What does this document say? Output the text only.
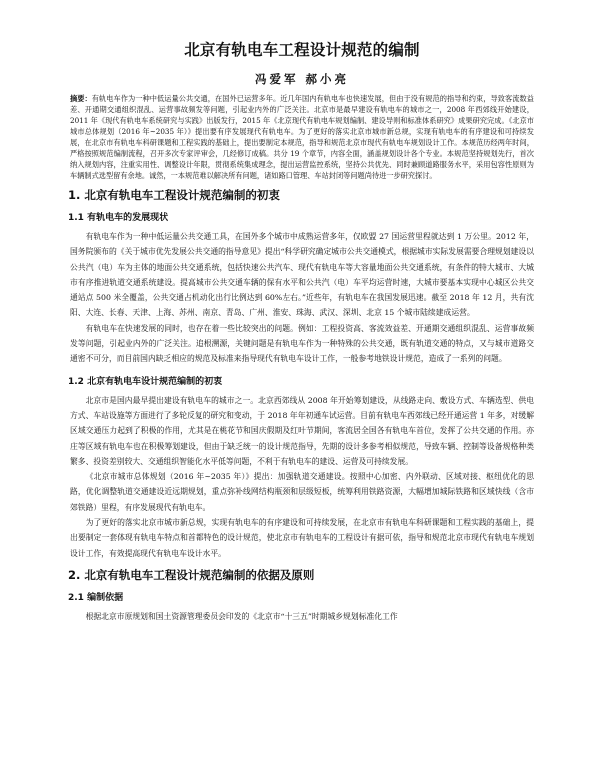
北京有轨电车工程设计规范的编制
冯爱军 郝小亮

摘要：有轨电车作为一种中低运量公共交通，在国外已运营多年。近几年国内有轨电车也快速发展，但由于没有规范的指导和约束，导致客流数益差、开通期交通组织混乱、运营事故频发等问题，引起业内外的广泛关注。北京市是最早建设有轨电车的城市之一，2008 年西郊线开始建设，2011 年《现代有轨电车系统研究与实践》出版发行，2015 年《北京现代有轨电车规划编制、建设导则和标准体系研究》成果研究完成。《北京市城市总体规划（2016 年~2035 年）》提出要有序发展现代有轨电车。为了更好的落实北京市城市新总规，实现有轨电车的有序建设和可持续发展，在北京市有轨电车科研课题和工程实践的基础上，提出要制定本规范，指导和规范北京市现代有轨电车规划设计工作。本规范历经两年时间，严格按照规范编制流程，召开多次专家评审会，几经修订成稿。共分 19 个章节，内容全面，涵盖规划设计各个专业。本规范坚持规划先行，首次纳入规划内容，注重实用性、调整设计年限，贯彻系统集成理念，提出运营监控系统，坚持公共优先、同时兼顾道路服务水平，采用包容性原则为车辆制式选型留有余地。诚然，一本规范难以解决所有问题，诸如路口管理、车站封闭等问题尚待进一步研究探讨。

1. 北京有轨电车工程设计规范编制的初衷
1.1 有轨电车的发展现状

有轨电车作为一种中低运量公共交通工具，在国外多个城市中成熟运营多年，仅欧盟 27 国运营里程就达到 1 万公里。2012 年，国务院颁布的《关于城市优先发展公共交通的指导意见》提出“科学研究确定城市公共交通模式，根据城市实际发展需要合理规划建设以公共汽（电）车为主体的地面公共交通系统，包括快速公共汽车、现代有轨电车等大容量地面公共交通系统，有条件的特大城市、大城市有序推进轨道交通系统建设。提高城市公共交通车辆的保有水平和公共汽（电）车平均运营时速，大城市要基本实现中心城区公共交通站点 500 米全覆盖，公共交通占机动化出行比例达到 60%左右。”近些年，有轨电车在我国发展迅速。截至 2018 年 12 月，共有沈阳、大连、长春、天津、上海、苏州、南京、青岛、广州、淮安、珠海、武汉、深圳、北京 15 个城市陆续建成运营。

有轨电车在快速发展的同时，也存在着一些比较突出的问题。例如：工程投资高、客流效益差、开通期交通组织混乱、运营事故频发等问题，引起业内外的广泛关注。追根溯源，关键问题是有轨电车作为一种特殊的公共交通，既有轨道交通的特点，又与城市道路交通密不可分，而目前国内缺乏相应的规范及标准来指导现代有轨电车设计工作，一般参考地铁设计规范，造成了一系列的问题。

1.2 北京有轨电车设计规范编制的初衷

北京市是国内最早提出建设有轨电车的城市之一。北京西郊线从 2008 年开始筹划建设，从线路走向、敷设方式、车辆选型、供电方式、车站设施等方面进行了多轮反复的研究和变动，于 2018 年年初通车试运营。目前有轨电车西郊线已经开通运营 1 年多，对缓解区域交通压力起到了积极的作用，尤其是在桃花节和国庆假期及红叶节期间，客流居全国各有轨电车首位，发挥了公共交通的作用。亦庄等区域有轨电车也在积极筹划建设，但由于缺乏统一的设计规范指导，先期的设计多参考相似规范，导致车辆、控制等设备规格种类繁多、投资差别较大、交通组织智能化水平低等问题，不利于有轨电车的建设、运营及可持续发展。

《北京市城市总体规划（2016 年~2035 年）》提出：加强轨道交通建设。按照中心加密、内外联动、区域对接、枢纽优化的思路，优化调整轨道交通建设近远期规划，重点弥补线网结构瓶颈和层级短板，统筹利用铁路资源，大幅增加城际铁路和区域快线（含市郊铁路）里程，有序发展现代有轨电车。

为了更好的落实北京市城市新总规，实现有轨电车的有序建设和可持续发展，在北京市有轨电车科研课题和工程实践的基础上，提出要制定一套体现有轨电车特点和首都特色的设计规范，使北京市有轨电车的工程设计有据可依，指导和规范北京市现代有轨电车规划设计工作，有效提高现代有轨电车设计水平。

2. 北京有轨电车工程设计规范编制的依据及原则
2.1 编制依据

根据北京市原规划和国土资源管理委员会印发的《北京市“十三五”时期城乡规划标准化工作
